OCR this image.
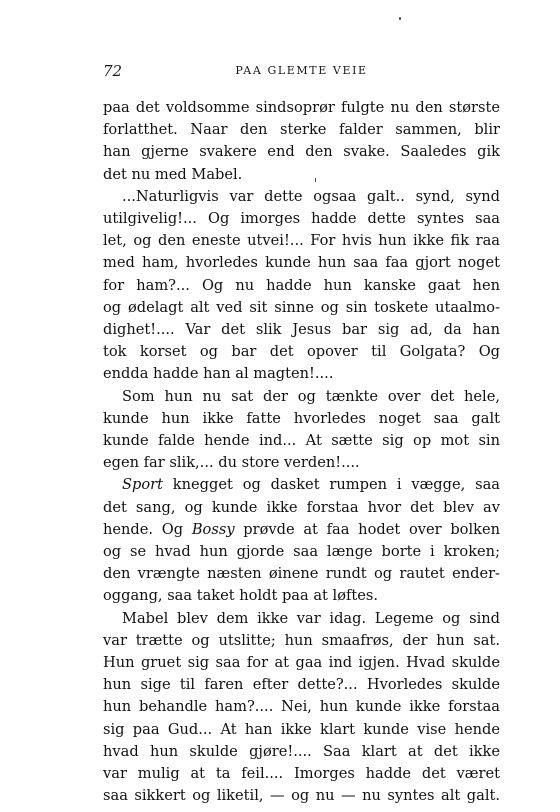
72	PAA GLEMTE VEIE
paa det voldsomme sindsoprør fulgte nu den største
forlatthet. Naar den sterke falder sammen, blir
han gjerne svakere end den svake. Saaledes gik
det nu med Mabel.
...Naturligvis var dette ogsaa galt.. synd, synd
utilgivelig!... Og imorges hadde dette syntes saa
let, og den eneste utvei!... For hvis hun ikke fik raa
med ham, hvorledes kunde hun saa faa gjort noget
for ham?... Og nu hadde hun kanske gaat hen
og ødelagt alt ved sit sinne og sin toskete utaalmo-
dighet!.... Var det slik Jesus bar sig ad, da han
tok korset og bar det opover til Golgata? Og
endda hadde han al magten!....
Som hun nu sat der og tænkte over det hele,
kunde hun ikke fatte hvorledes noget saa galt
kunde falde hende ind... At sætte sig op mot sin
egen far slik,... du store verden!....
Sport knegget og dasket rumpen i vægge, saa
det sang, og kunde ikke forstaa hvor det blev av
hende. Og Bossy prøvde at faa hodet over bolken
og se hvad hun gjorde saa længe borte i kroken;
den vrængte næsten øinene rundt og rautet ender-
oggang, saa taket holdt paa at løftes.
Mabel blev dem ikke var idag. Legeme og sind
var trætte og utslitte; hun smaafrøs, der hun sat.
Hun gruet sig saa for at gaa ind igjen. Hvad skulde
hun sige til faren efter dette?... Hvorledes skulde
hun behandle ham?.... Nei, hun kunde ikke forstaa
sig paa Gud... At han ikke klart kunde vise hende
hvad hun skulde gjøre!.... Saa klart at det ikke
var mulig at ta feil.... Imorges hadde det været
saa sikkert og liketil, — og nu — nu syntes alt galt.
